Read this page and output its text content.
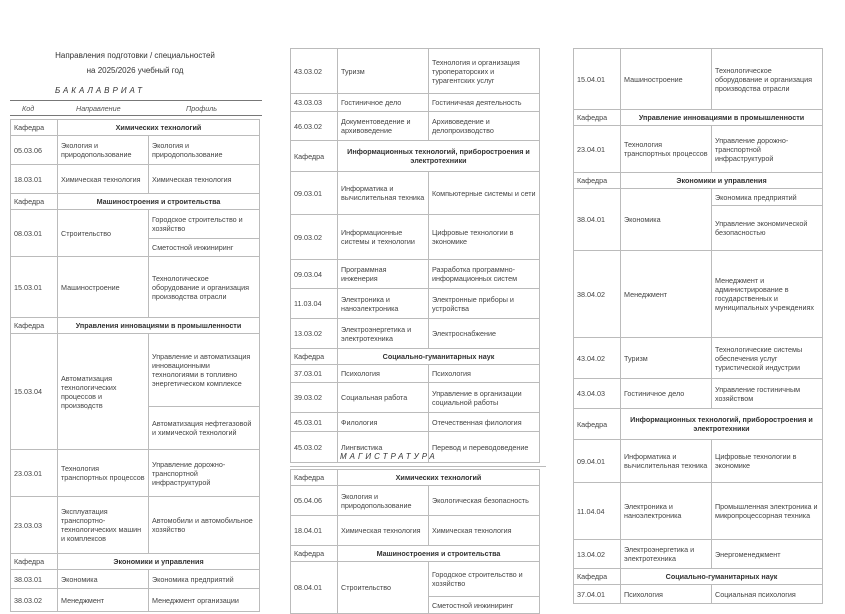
Направления подготовки / специальностей
на 2025/2026 учебный год
БАКАЛАВРИАТ
Код	Направление	Профиль
Кафедра	Химических технологий	
05.03.06	Экология и природопользование	Экология и природопользование
18.03.01	Химическая технология	Химическая технология
Кафедра	Машиностроения и строительства	
08.03.01	Строительство	Городское строительство и хозяйство
		Сметостной инжиниринг
15.03.01	Машиностроение	Технологическое оборудование и организация производства отрасли
Кафедра	Управления инновациями в промышленности	
15.03.04	Автоматизация технологических процессов и производств	Управление и автоматизация инновационными технологиями в топливно энергетическом комплексе
		Автоматизация нефтегазовой и химической технологий
23.03.01	Технология транспортных процессов	Управление дорожно-транспортной инфраструктурой
23.03.03	Эксплуатация транспортно-технологических машин и комплексов	Автомобили и автомобильное хозяйство
Кафедра	Экономики и управления	
38.03.01	Экономика	Экономика предприятий
38.03.02	Менеджмент	Менеджмент организации
43.03.02	Туризм	Технология и организация туроператорских и турагентских услуг
43.03.03	Гостиничное дело	Гостиничная деятельность
46.03.02	Документоведение и архивоведение	Архивоведение и делопроизводство
Кафедра	Информационных технологий, приборостроения и электротехники	
09.03.01	Информатика и вычислительная техника	Компьютерные системы и сети
09.03.02	Информационные системы и технологии	Цифровые технологии в экономике
09.03.04	Программная инженерия	Разработка программно-информационных систем
11.03.04	Электроника и наноэлектроника	Электронные приборы и устройства
13.03.02	Электроэнергетика и электротехника	Электроснабжение
Кафедра	Социально-гуманитарных наук	
37.03.01	Психология	Психология
39.03.02	Социальная работа	Управление в организации социальной работы
45.03.01	Филология	Отечественная филология
45.03.02	Лингвистика	Перевод и переводоведение
МАГИСТРАТУРА
Кафедра	Химических технологий	
05.04.06	Экология и природопользование	Экологическая безопасность
18.04.01	Химическая технология	Химическая технология
Кафедра	Машиностроения и строительства	
08.04.01	Строительство	Городское строительство и хозяйство
		Сметостной инжиниринг
15.04.01	Машиностроение	Технологическое оборудование и организация производства отрасли
Кафедра	Управление инновациями в промышленности	
23.04.01	Технология транспортных процессов	Управление дорожно-транспортной инфраструктурой
Кафедра	Экономики и управления	
38.04.01	Экономика	Экономика предприятий
		Управление экономической безопасностью
38.04.02	Менеджмент	Менеджмент и администрирование в государственных и муниципальных учреждениях
43.04.02	Туризм	Технологические системы обеспечения услуг туристической индустрии
43.04.03	Гостиничное дело	Управление гостиничным хозяйством
Кафедра	Информационных технологий, приборостроения и электротехники	
09.04.01	Информатика и вычислительная техника	Цифровые технологии в экономике
11.04.04	Электроника и наноэлектроника	Промышленная электроника и микропроцессорная техника
13.04.02	Электроэнергетика и электротехника	Энергоменеджмент
Кафедра	Социально-гуманитарных наук	
37.04.01	Психология	Социальная психология
